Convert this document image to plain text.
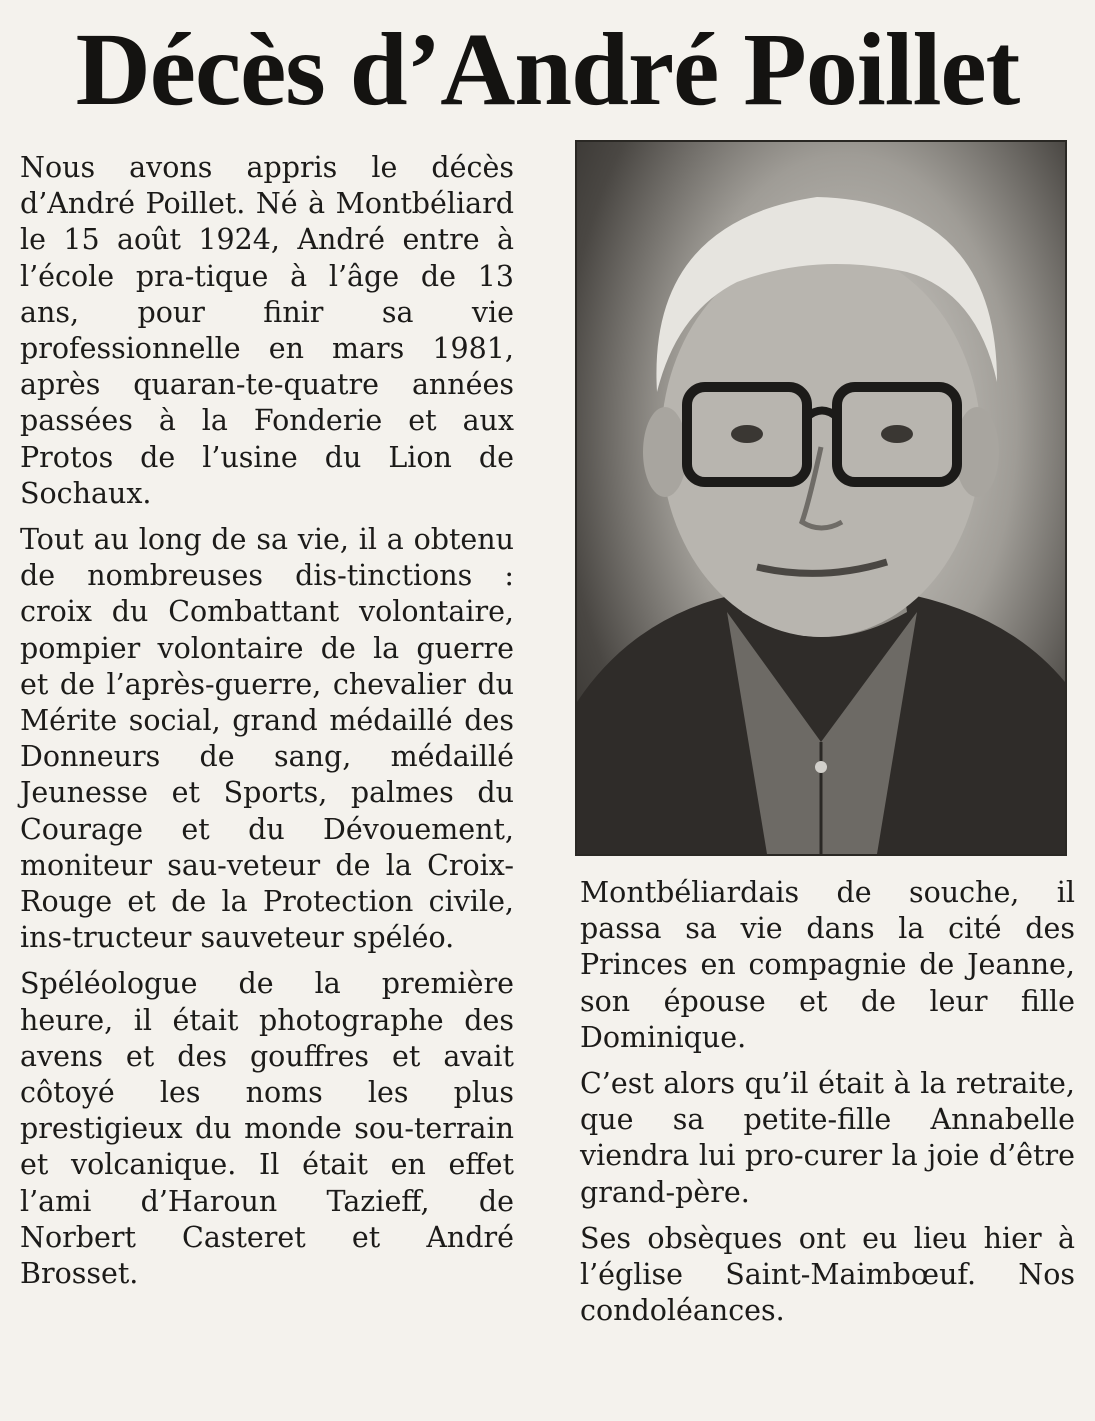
Décès d’André Poillet

Nous avons appris le décès d’André Poillet. Né à Montbéliard le 15 août 1924, André entre à l’école pra-tique à l’âge de 13 ans, pour finir sa vie professionnelle en mars 1981, après quaran-te-quatre années passées à la Fonderie et aux Protos de l’usine du Lion de Sochaux.

Tout au long de sa vie, il a obtenu de nombreuses dis-tinctions : croix du Combattant volontaire, pompier volontaire de la guerre et de l’après-guerre, chevalier du Mérite social, grand médaillé des Donneurs de sang, médaillé Jeunesse et Sports, palmes du Courage et du Dévouement, moniteur sau-veteur de la Croix-Rouge et de la Protection civile, ins-tructeur sauveteur spéléo.

Spéléologue de la première heure, il était photographe des avens et des gouffres et avait côtoyé les noms les plus prestigieux du monde sou-terrain et volcanique. Il était en effet l’ami d’Haroun Tazieff, de Norbert Casteret et André Brosset.

Montbéliardais de souche, il passa sa vie dans la cité des Princes en compagnie de Jeanne, son épouse et de leur fille Dominique.

C’est alors qu’il était à la retraite, que sa petite-fille Annabelle viendra lui pro-curer la joie d’être grand-père.

Ses obsèques ont eu lieu hier à l’église Saint-Maimbœuf. Nos condoléances.
